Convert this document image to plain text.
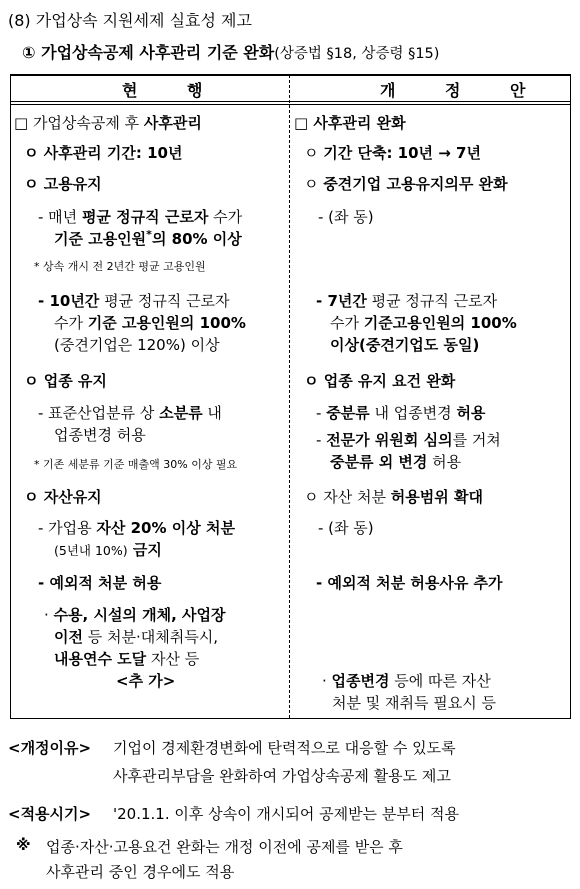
(8) 가업상속 지원세제 실효성 제고
① 가업상속공제 사후관리 기준 완화(상증법 §18, 상증령 §15)
현 행	개 정 안
□ 가업상속공제 후 사후관리
ㅇ 사후관리 기간: 10년
ㅇ 고용유지
- 매년 평균 정규직 근로자 수가
기준 고용인원*의 80% 이상
* 상속 개시 전 2년간 평균 고용인원
- 10년간 평균 정규직 근로자
수가 기준 고용인원의 100%
(중견기업은 120%) 이상
ㅇ 업종 유지
- 표준산업분류 상 소분류 내
업종변경 허용
* 기존 세분류 기준 매출액 30% 이상 필요
ㅇ 자산유지
- 가업용 자산 20% 이상 처분
(5년내 10%) 금지
- 예외적 처분 허용
· 수용, 시설의 개체, 사업장
이전 등 처분·대체취득시,
내용연수 도달 자산 등
<추 가>
□ 사후관리 완화
ㅇ 기간 단축: 10년 → 7년
ㅇ 중견기업 고용유지의무 완화
- (좌 동)
- 7년간 평균 정규직 근로자
수가 기준고용인원의 100%
이상(중견기업도 동일)
ㅇ 업종 유지 요건 완화
- 중분류 내 업종변경 허용
- 전문가 위원회 심의를 거쳐
중분류 외 변경 허용
ㅇ 자산 처분 허용범위 확대
- (좌 동)
- 예외적 처분 허용사유 추가
· 업종변경 등에 따른 자산
처분 및 재취득 필요시 등
<개정이유> 기업이 경제환경변화에 탄력적으로 대응할 수 있도록
사후관리부담을 완화하여 가업상속공제 활용도 제고
<적용시기> '20.1.1. 이후 상속이 개시되어 공제받는 분부터 적용
※ 업종·자산·고용요건 완화는 개정 이전에 공제를 받은 후
사후관리 중인 경우에도 적용
